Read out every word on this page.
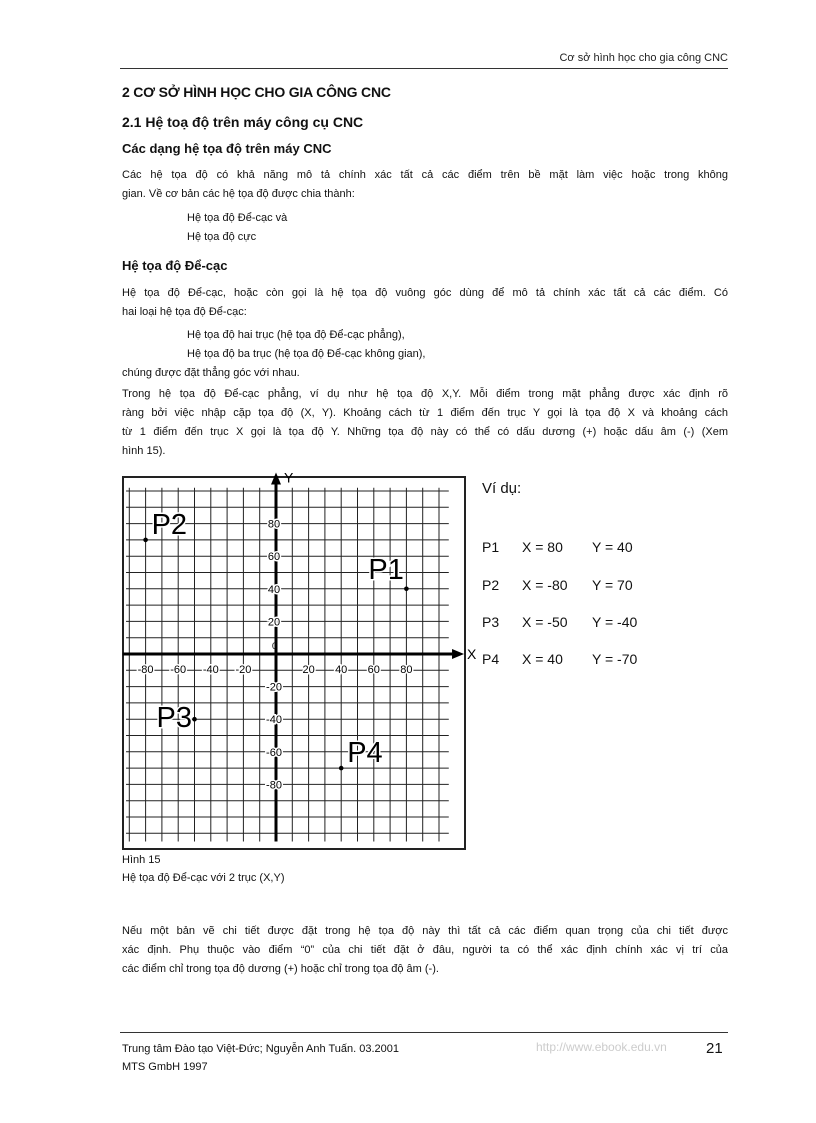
Cơ sở hình học cho gia công CNC
2 CƠ SỞ HÌNH HỌC CHO GIA CÔNG CNC
2.1 Hệ toạ độ trên máy công cụ CNC
Các dạng hệ tọa độ trên máy CNC
Các hệ tọa độ có khả năng mô tả chính xác tất cả các điểm trên bề mặt làm việc hoặc trong không
gian. Về cơ bản các hệ tọa độ được chia thành:
Hệ tọa độ Để-cạc và
Hệ tọa độ cực
Hệ tọa độ Để-cạc
Hệ tọa độ Để-cạc, hoặc còn gọi là hệ tọa độ vuông góc dùng để mô tả chính xác tất cả các điểm. Có
hai loại hệ tọa độ Để-cạc:
Hệ tọa độ hai trục (hệ tọa độ Để-cạc phẳng),
Hệ tọa độ ba trục (hệ tọa độ Để-cạc không gian),
chúng được đặt thẳng góc với nhau.
Trong hệ tọa độ Để-cạc phẳng, ví dụ như hệ tọa độ X,Y. Mỗi điểm trong mặt phẳng được xác định rõ
ràng bởi việc nhập cặp tọa độ (X, Y). Khoảng cách từ 1 điểm đến trục Y gọi là tọa độ X và khoảng cách
từ 1 điểm đến trục X gọi là tọa độ Y. Những tọa độ này có thể có dấu dương (+) hoặc dấu âm (-) (Xem
hình 15).
X
Y
0
-80 -60 -40 -20	20 40 60 80
80
60
40
20
-20
-40
-60
-80
P1
P2
P3
P4
Ví dụ:
P1 X = 80 Y = 40
P2 X = -80 Y = 70
P3 X = -50 Y = -40
P4 X = 40 Y = -70
Hình 15
Hệ tọa độ Để-cạc với 2 trục (X,Y)
Nếu một bản vẽ chi tiết được đặt trong hệ tọa độ này thì tất cả các điểm quan trọng của chi tiết được
xác định. Phụ thuộc vào điểm “0” của chi tiết đặt ở đâu, người ta có thể xác định chính xác vị trí của
các điểm chỉ trong tọa độ dương (+) hoặc chỉ trong tọa độ âm (-).
Trung tâm Đào tạo Việt-Đức; Nguyễn Anh Tuấn. 03.2001
MTS GmbH 1997
http://www.ebook.edu.vn	21
